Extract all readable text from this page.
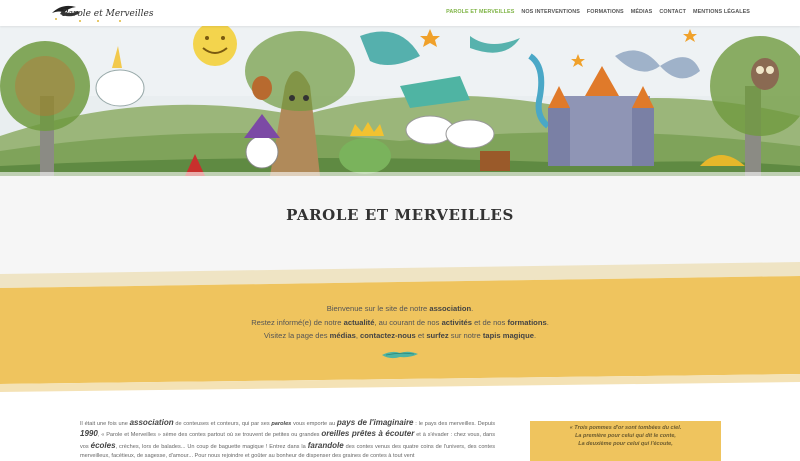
Parole et Merveilles	PAROLE ET MERVEILLES NOS INTERVENTIONS FORMATIONS MÉDIAS CONTACT MENTIONS LÉGALES
PAROLE ET MERVEILLES
Bienvenue sur le site de notre association.
Restez informé(e) de notre actualité, au courant de nos activités et de nos formations.
Visitez la page des médias, contactez-nous et surfez sur notre tapis magique.
Il était une fois une association de conteuses et conteurs, qui par ses paroles vous emporte au pays de l'imaginaire : le pays des merveilles. Depuis 1990, « Parole et Merveilles » sème des contes partout où se trouvent de petites ou grandes oreilles prêtes à écouter et à s'évader : chez vous, dans vos écoles, crèches, lors de balades... Un coup de baguette magique ! Entrez dans la farandole des contes venus des quatre coins de l'univers, des contes merveilleux, facétieux, de sagesse, d'amour... Pour nous rejoindre et goûter au bonheur de dispenser des graines de contes à tout vent
« Trois pommes d'or sont tombées du ciel.
La première pour celui qui dit le conte,
La deuxième pour celui qui l'écoute,
